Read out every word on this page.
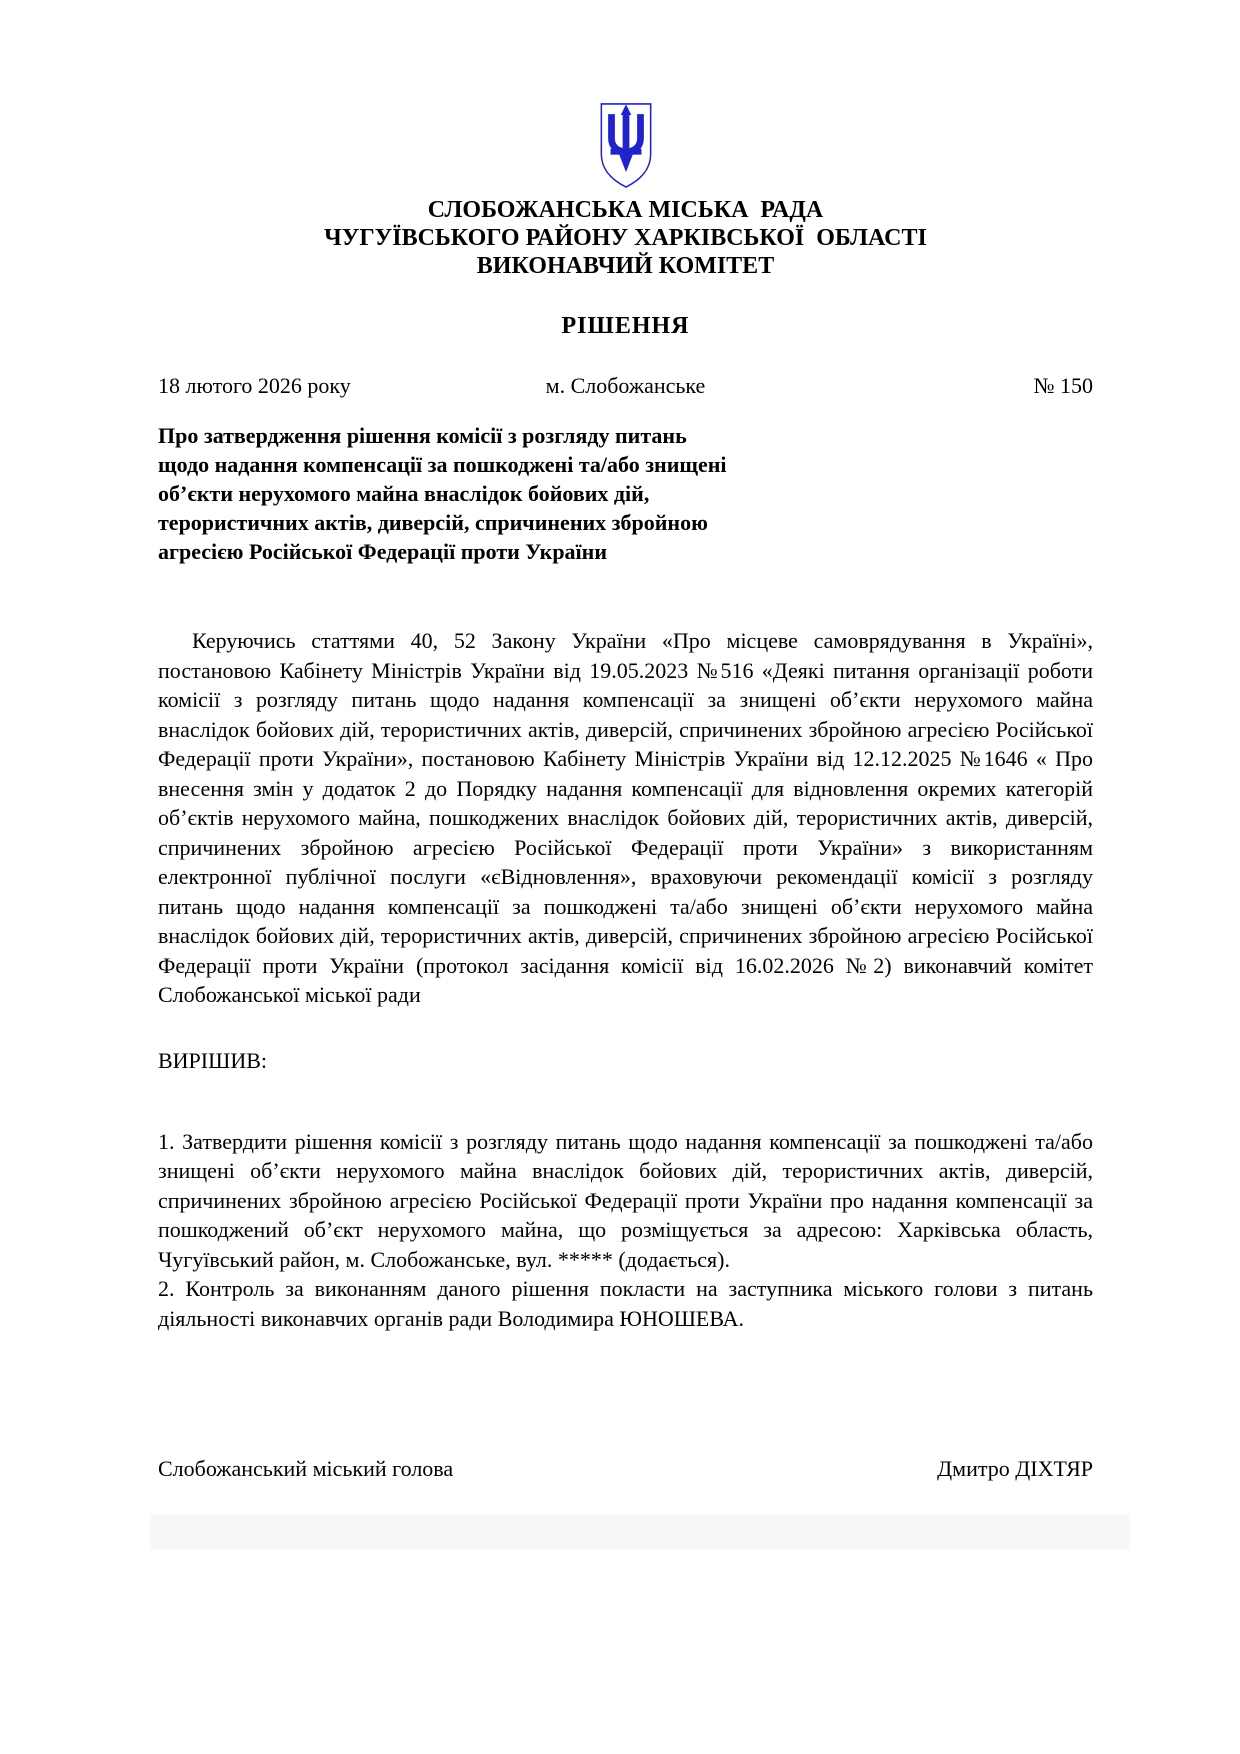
СЛОБОЖАНСЬКА МІСЬКА  РАДА
ЧУГУЇВСЬКОГО РАЙОНУ ХАРКІВСЬКОЇ  ОБЛАСТІ
ВИКОНАВЧИЙ КОМІТЕТ
РІШЕННЯ
18 лютого 2026 року	м. Слобожанське	№ 150
Про затвердження рішення комісії з розгляду питань
щодо надання компенсації за пошкоджені та/або знищені
об’єкти нерухомого майна внаслідок бойових дій,
терористичних актів, диверсій, спричинених збройною
агресією Російської Федерації проти України
Керуючись статтями 40, 52 Закону України «Про місцеве самоврядування в Україні», постановою Кабінету Міністрів України від 19.05.2023 №516 «Деякі питання організації роботи комісії з розгляду питань щодо надання компенсації за знищені об’єкти нерухомого майна внаслідок бойових дій, терористичних актів, диверсій, спричинених збройною агресією Російської Федерації проти України», постановою Кабінету Міністрів України від 12.12.2025 №1646 « Про внесення змін у додаток 2 до Порядку надання компенсації для відновлення окремих категорій об’єктів нерухомого майна, пошкоджених внаслідок бойових дій, терористичних актів, диверсій, спричинених збройною агресією Російської Федерації проти України» з використанням електронної публічної послуги «єВідновлення», враховуючи рекомендації комісії з розгляду питань щодо надання компенсації за пошкоджені та/або знищені об’єкти нерухомого майна внаслідок бойових дій, терористичних актів, диверсій, спричинених збройною агресією Російської Федерації проти України (протокол засідання комісії від 16.02.2026 №2) виконавчий комітет Слобожанської міської ради
ВИРІШИВ:
1. Затвердити рішення комісії з розгляду питань щодо надання компенсації за пошкоджені та/або знищені об’єкти нерухомого майна внаслідок бойових дій, терористичних актів, диверсій, спричинених збройною агресією Російської Федерації проти України про надання компенсації за пошкоджений об’єкт нерухомого майна, що розміщується за адресою: Харківська область, Чугуївський район, м. Слобожанське, вул. ***** (додається).
2. Контроль за виконанням даного рішення покласти на заступника міського голови з питань діяльності виконавчих органів ради Володимира ЮНОШЕВА.
Слобожанський міський голова	Дмитро ДІХТЯР
